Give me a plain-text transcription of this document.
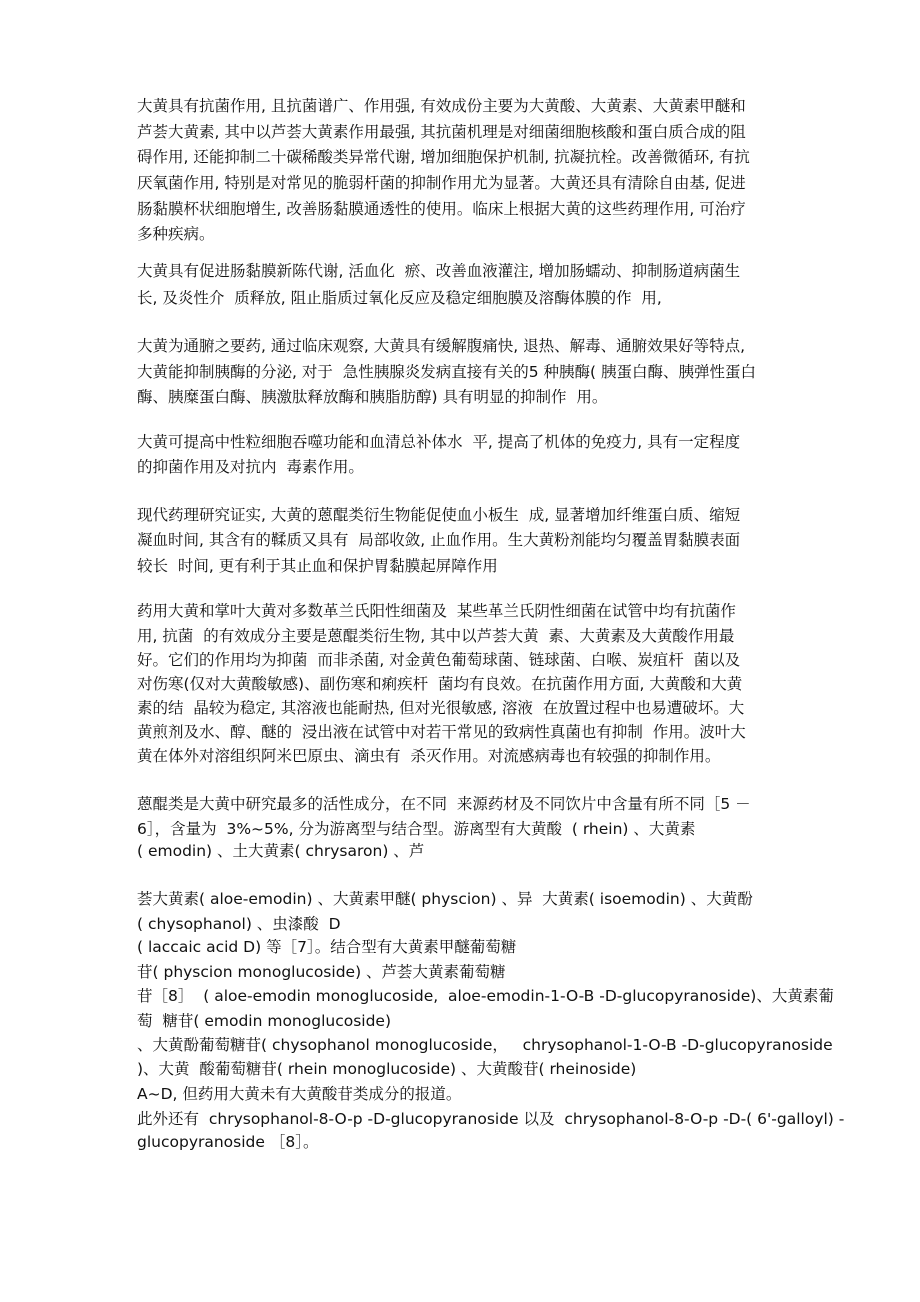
大黄具有抗菌作用, 且抗菌谱广、作用强, 有效成份主要为大黄酸、大黄素、大黄素甲醚和
芦荟大黄素, 其中以芦荟大黄素作用最强, 其抗菌机理是对细菌细胞核酸和蛋白质合成的阻
碍作用, 还能抑制二十碳稀酸类异常代谢, 增加细胞保护机制, 抗凝抗栓。改善微循环, 有抗
厌氧菌作用, 特别是对常见的脆弱杆菌的抑制作用尤为显著。大黄还具有清除自由基, 促进
肠黏膜杯状细胞增生, 改善肠黏膜通透性的使用。临床上根据大黄的这些药理作用, 可治疗
多种疾病。
大黄具有促进肠黏膜新陈代谢, 活血化  瘀、改善血液灌注, 增加肠蠕动、抑制肠道病菌生
长, 及炎性介  质释放, 阻止脂质过氧化反应及稳定细胞膜及溶酶体膜的作  用,
大黄为通腑之要药, 通过临床观察, 大黄具有缓解腹痛快, 退热、解毒、通腑效果好等特点,
大黄能抑制胰酶的分泌, 对于  急性胰腺炎发病直接有关的5 种胰酶( 胰蛋白酶、胰弹性蛋白
酶、胰糜蛋白酶、胰激肽释放酶和胰脂肪醇) 具有明显的抑制作  用。
大黄可提高中性粒细胞吞噬功能和血清总补体水  平, 提高了机体的免疫力, 具有一定程度
的抑菌作用及对抗内  毒素作用。
现代药理研究证实, 大黄的蒽醌类衍生物能促使血小板生  成, 显著增加纤维蛋白质、缩短
凝血时间, 其含有的鞣质又具有  局部收敛, 止血作用。生大黄粉剂能均匀覆盖胃黏膜表面
较长  时间, 更有利于其止血和保护胃黏膜起屏障作用
药用大黄和掌叶大黄对多数革兰氏阳性细菌及  某些革兰氏阴性细菌在试管中均有抗菌作
用, 抗菌  的有效成分主要是蒽醌类衍生物, 其中以芦荟大黄  素、大黄素及大黄酸作用最
好。它们的作用均为抑菌  而非杀菌, 对金黄色葡萄球菌、链球菌、白喉、炭疽杆  菌以及
对伤寒(仅对大黄酸敏感)、副伤寒和痢疾杆  菌均有良效。在抗菌作用方面, 大黄酸和大黄
素的结  晶较为稳定, 其溶液也能耐热, 但对光很敏感, 溶液  在放置过程中也易遭破坏。大
黄煎剂及水、醇、醚的  浸出液在试管中对若干常见的致病性真菌也有抑制  作用。波叶大
黄在体外对溶组织阿米巴原虫、滴虫有  杀灭作用。对流感病毒也有较强的抑制作用。
蒽醌类是大黄中研究最多的活性成分，在不同  来源药材及不同饮片中含量有所不同［5 －
6］，含量为  3%~5%, 分为游离型与结合型。游离型有大黄酸  ( rhein) 、大黄素
( emodin) 、土大黄素( chrysaron) 、芦
荟大黄素( aloe-emodin) 、大黄素甲醚( physcion) 、异  大黄素( isoemodin) 、大黄酚
( chysophanol) 、虫漆酸  D
( laccaic acid D) 等［7］。结合型有大黄素甲醚葡萄糖
苷( physcion monoglucoside) 、芦荟大黄素葡萄糖
苷［8］  ( aloe-emodin monoglucoside,  aloe-emodin-1-O-B -D-glucopyranoside)、大黄素葡
萄  糖苷( emodin monoglucoside)
、大黄酚葡萄糖苷( chysophanol monoglucoside，   chrysophanol-1-O-B -D-glucopyranoside
)、大黄  酸葡萄糖苷( rhein monoglucoside) 、大黄酸苷( rheinoside)
A~D, 但药用大黄未有大黄酸苷类成分的报道。
此外还有  chrysophanol-8-O-p -D-glucopyranoside 以及  chrysophanol-8-O-p -D-( 6'-galloyl) -
glucopyranoside ［8］。
